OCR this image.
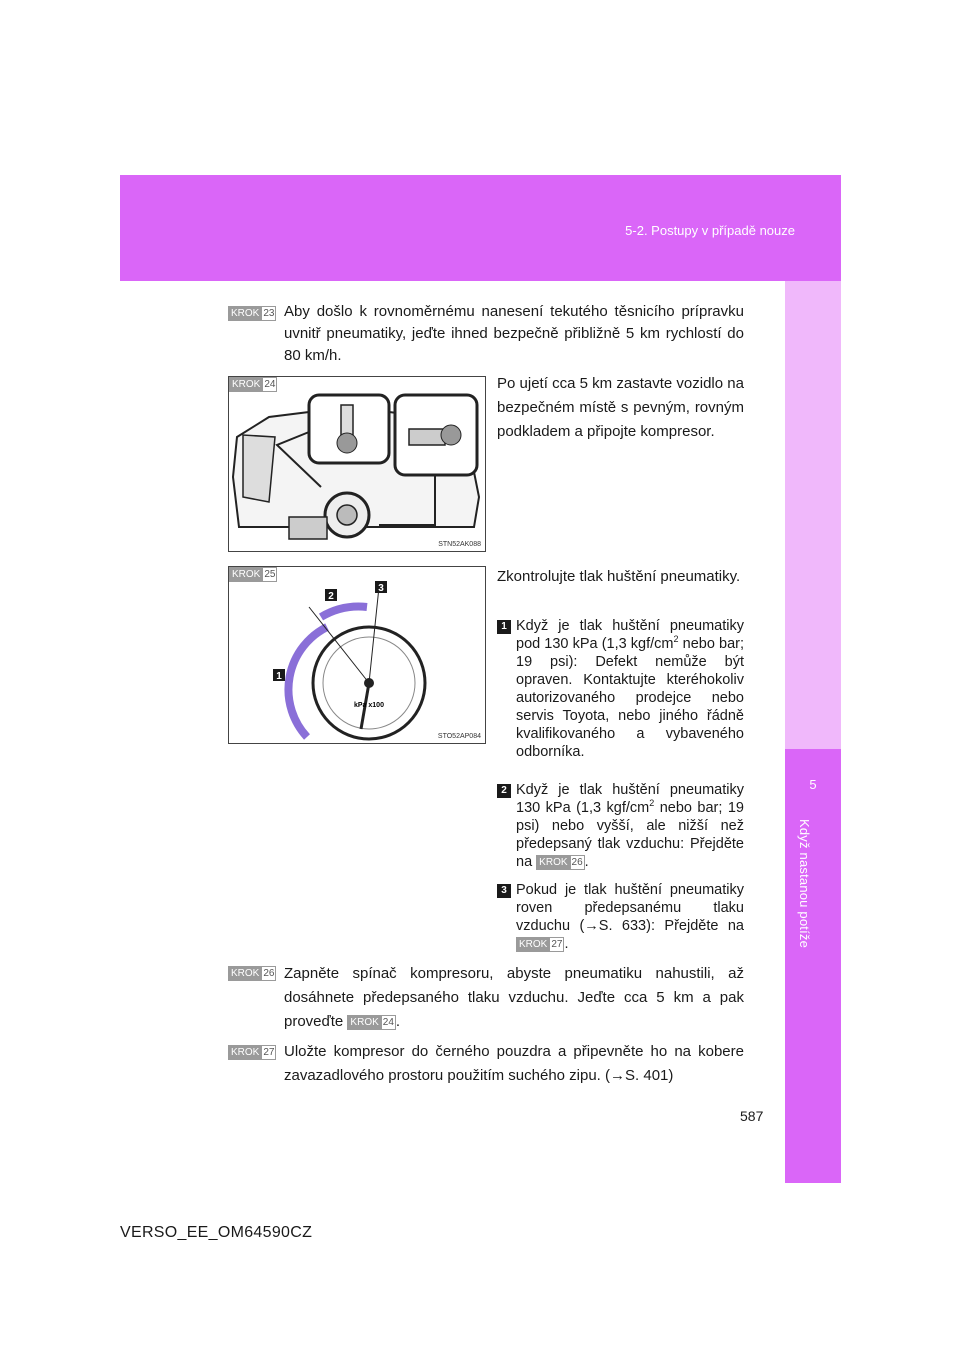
5-2. Postupy v případě nouze
5
Když nastanou potíže
KROK 23 Aby došlo k rovnoměrnému nanesení tekutého těsnicího prípravku uvnitř pneumatiky, jeďte ihned bezpečně přibližně 5 km rychlostí do 80 km/h.
KROK 24
STN52AK088
Po ujetí cca 5 km zastavte vozidlo na bezpečném místě s pevným, rovným podkladem a připojte kompresor.
KROK 25
2
3
1
kPa x100
STO52AP084
Zkontrolujte tlak huštění pneumatiky.
1 Když je tlak huštění pneumatiky pod 130 kPa (1,3 kgf/$cm^2$ nebo bar; 19 psi): Defekt nemůže být opraven. Kontaktujte kteréhokoliv autorizovaného prodejce nebo servis Toyota, nebo jiného řádně kvalifikovaného a vybaveného odborníka.
2 Když je tlak huštění pneumatiky 130 kPa (1,3 kgf/$cm^2$ nebo bar; 19 psi) nebo vyšší, ale nižší než předepsaný tlak vzduchu: Přejděte na KROK 26 .
3 Pokud je tlak huštění pneumatiky roven předepsanému tlaku vzduchu (→S. 633): Přejděte na KROK 27 .
KROK 26 Zapněte spínač kompresoru, abyste pneumatiku nahustili, až dosáhnete předepsaného tlaku vzduchu. Jeďte cca 5 km a pak proveďte KROK 24 .
KROK 27 Uložte kompresor do černého pouzdra a připevněte ho na kobere zavazadlového prostoru použitím suchého zipu. (→S. 401)
587
VERSO_EE_OM64590CZ
